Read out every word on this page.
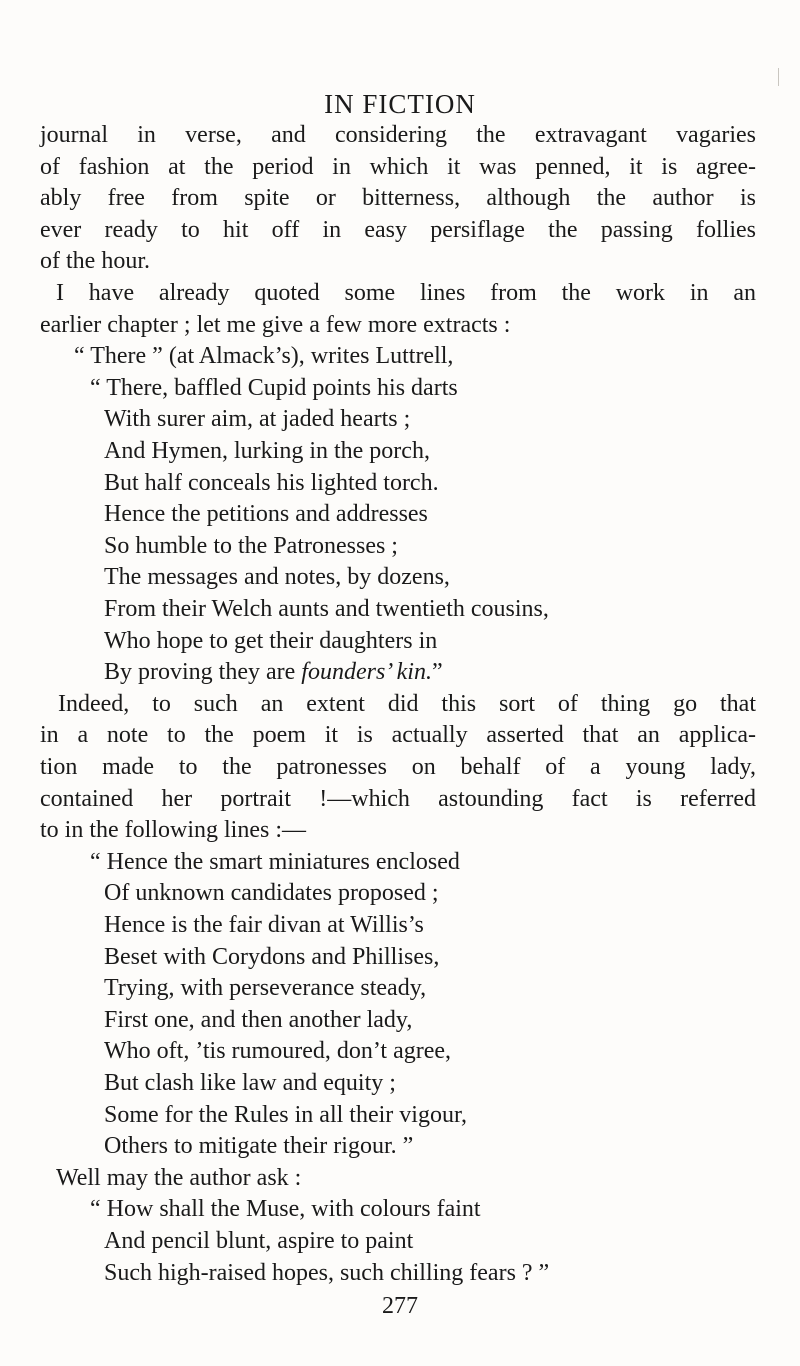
IN FICTION
journal in verse, and considering the extravagant vagaries
of fashion at the period in which it was penned, it is agree-
ably free from spite or bitterness, although the author is
ever ready to hit off in easy persiflage the passing follies
of the hour.
I have already quoted some lines from the work in an
earlier chapter ; let me give a few more extracts :
“ There ” (at Almack’s), writes Luttrell,
“ There, baffled Cupid points his darts
With surer aim, at jaded hearts ;
And Hymen, lurking in the porch,
But half conceals his lighted torch.
Hence the petitions and addresses
So humble to the Patronesses ;
The messages and notes, by dozens,
From their Welch aunts and twentieth cousins,
Who hope to get their daughters in
By proving they are founders’ kin.”
Indeed, to such an extent did this sort of thing go that
in a note to the poem it is actually asserted that an applica-
tion made to the patronesses on behalf of a young lady,
contained her portrait !—which astounding fact is referred
to in the following lines :—
“ Hence the smart miniatures enclosed
Of unknown candidates proposed ;
Hence is the fair divan at Willis’s
Beset with Corydons and Phillises,
Trying, with perseverance steady,
First one, and then another lady,
Who oft, ’tis rumoured, don’t agree,
But clash like law and equity ;
Some for the Rules in all their vigour,
Others to mitigate their rigour. ”
Well may the author ask :
“ How shall the Muse, with colours faint
And pencil blunt, aspire to paint
Such high-raised hopes, such chilling fears ? ”
277
